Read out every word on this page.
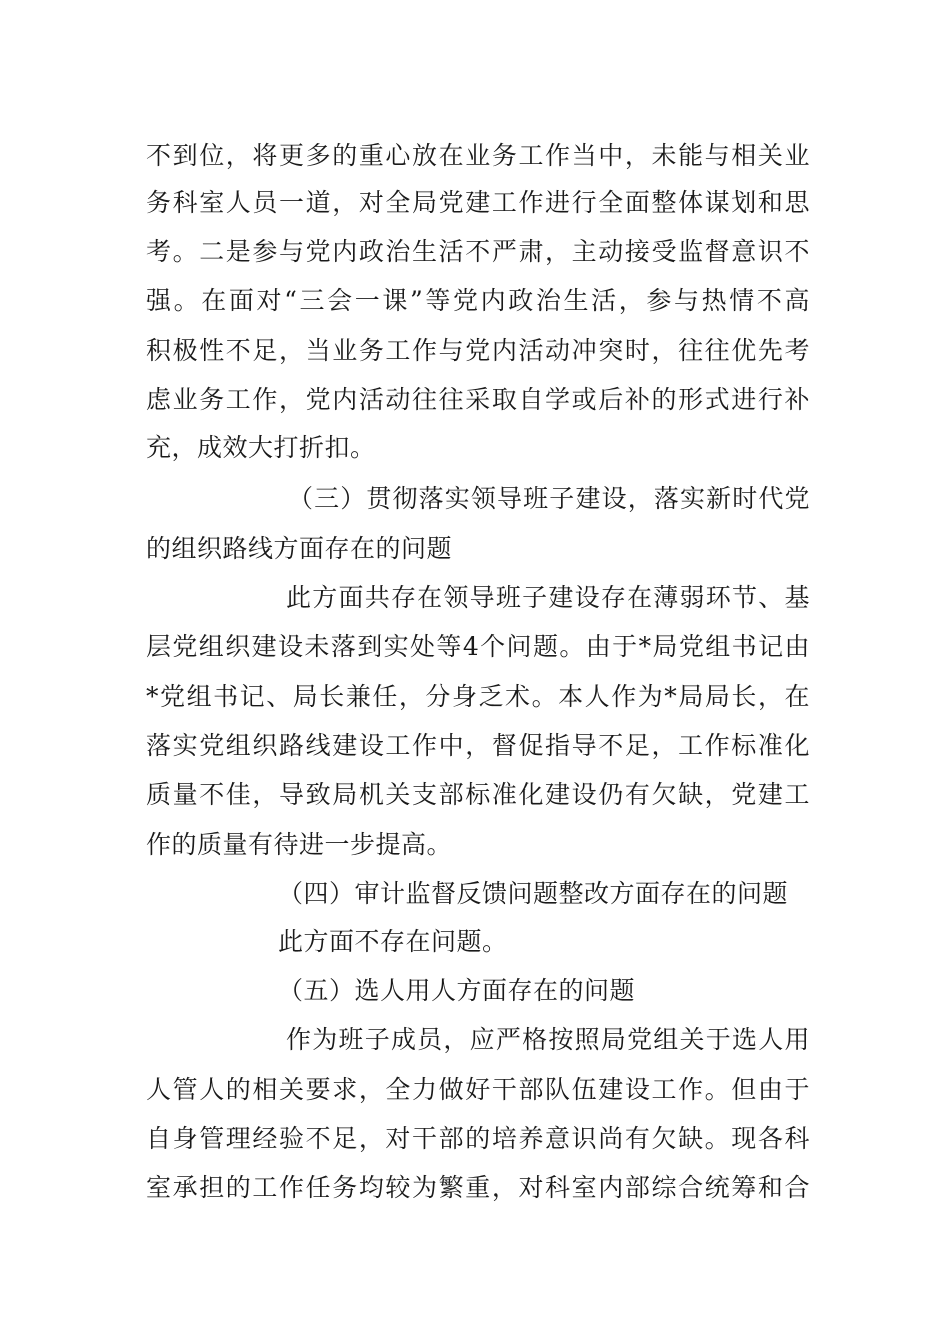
不到位，将更多的重心放在业务工作当中，未能与相关业
务科室人员一道，对全局党建工作进行全面整体谋划和思
考。二是参与党内政治生活不严肃，主动接受监督意识不
强。在面对“三会一课”等党内政治生活，参与热情不高
积极性不足，当业务工作与党内活动冲突时，往往优先考
虑业务工作，党内活动往往采取自学或后补的形式进行补
充，成效大打折扣。
（三）贯彻落实领导班子建设，落实新时代党
的组织路线方面存在的问题
此方面共存在领导班子建设存在薄弱环节、基
层党组织建设未落到实处等4个问题。由于*局党组书记由
*党组书记、局长兼任，分身乏术。本人作为*局局长，在
落实党组织路线建设工作中，督促指导不足，工作标准化
质量不佳，导致局机关支部标准化建设仍有欠缺，党建工
作的质量有待进一步提高。
（四）审计监督反馈问题整改方面存在的问题
此方面不存在问题。
（五）选人用人方面存在的问题
作为班子成员，应严格按照局党组关于选人用
人管人的相关要求，全力做好干部队伍建设工作。但由于
自身管理经验不足，对干部的培养意识尚有欠缺。现各科
室承担的工作任务均较为繁重，对科室内部综合统筹和合
